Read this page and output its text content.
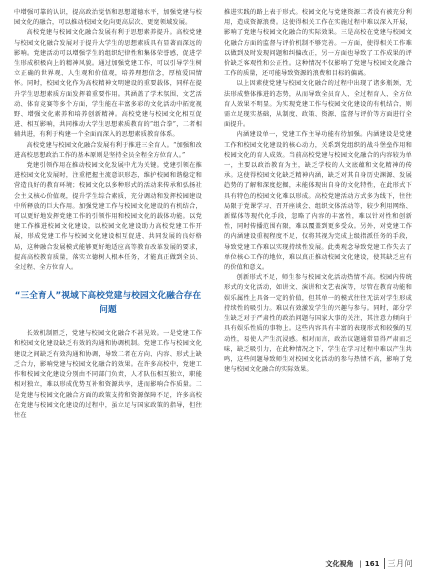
中增强可靠的认识，提高政治觉悟和思想道德水平，加强党建与校园文化的融合，可以推动校园文化向更高层次、更宽领域发展。

高校党建与校园文化融合发展有利于思想素养提升。高校党建与校园文化融合发展对于提升大学生的思想素质具有显著而深远的影响。党建活动可以增强学生的组织纪律性和集体荣誉感，促进学生形成积极向上的精神风貌。通过加强党建工作，可以引导学生树立正确的世界观、人生观和价值观，培养理想信念，厚植爱国情怀。同时，校园文化作为高校精神文明建设的重要载体，同样在提升学生思想素质方面发挥着重要作用。其涵盖了学术氛围、文艺活动、体育竞赛等多个方面，学生能在丰富多彩的文化活动中拓宽视野、增强文化素养和培养创新精神。高校党建与校园文化相互促进、相互影响，共同推动大学生思想素质教育的“组合拳”，二者相辅共进，有利于构建一个全面而深入的思想素质教育体系。

高校党建与校园文化融合发展有利于推进三全育人。“加强和改进高校思想政治工作的基本原则是坚持全员全程全方位育人。”

党建引领作用在推动校园文化发展中尤为关键。党建引领在推进校园文化发展时，注重把握主流意识形态，维护校园和谐稳定和营造良好的教育环境；校园文化以多种形式的活动来传承和弘扬社会主义核心价值观，提升学生综合素质，充分调动和发挥校园建设中所释放的巨大作用。加强党建工作与校园文化建设的有机结合，可以更好地发挥党建工作的引领作用和校园文化的载体功能。以党建工作推进校园文化建设，以校园文化建设助力高校党建工作开展，形成党建工作与校园文化建设相互促进、共同发展的良好格局，这种融合发展模式能够更好地适应高等教育改革发展的要求，提高高校教育质量，落实立德树人根本任务，才能真正做到全员、全过程、全方位育人。

“三全育人”视域下高校党建与校园文化融合存在问题

长效机制匮乏，党建与校园文化融合不甚见效。一是党建工作和校园文化建设缺乏有效的沟通和协调机制。党建工作与校园文化建设之间缺乏有效沟通和协调，导致二者在方向、内容、形式上缺乏合力，影响党建与校园文化融合的效果。在许多高校中，党建工作和校园文化建设分别由不同部门负责，人才队伍相互独立，职能相对独立，难以形成优势互补和资源共享，进而影响合作质量。二是党建与校园文化融合方面的政策支持和资源保障不足，许多高校在党建与校园文化建设的过程中，虽立足与国家政策的指导，但往往在

推进实践的路上表于形式。校园文化与党建资源二者没有被充分利用，造成资源浪费。这使得相关工作在实施过程中难以深入开展，影响了党建与校园文化融合的实际效果。三是高校在党建与校园文化融合方面的监督与评价机制不够完善。一方面，使得相关工作难以做到及时发现问题和纠偏改正，另一方面也导致了工作成果的评价缺乏客观性和公正性。这种情况不仅影响了党建与校园文化融合工作的质量，还可能导致资源的浪费和目标的偏离。

以上因素使党建与校园文化融合的过程中出现了诸多瓶颈，无法形成整体推进的态势，从而导致全员育人、全过程育人、全方位育人效果不明显。为实现党建工作与校园文化建设的有机结合，则需立足现实基础，从制度、政策、资源、监督与评价等方面进行全面提升。

内涵建设单一，党建工作主导功能有待加强。内涵建设是党建工作和校园文化建设的核心动力，关系到党组织的战斗堡垒作用和校园文化的育人成效。当前高校党建与校园文化融合的内容较为单一，主要以政治教育为主，缺乏学校的人文底蕴和文化精神的传承。这使得校园文化缺乏精神内涵，缺乏对其自身历史渊源、发展趋势的了解和深度挖掘，未能体现出自身的文化特性，在此形式下具有特色的校园文化难以形成。高校党建活动方式多为线下，往往局限于党课学习、召开座谈会、组织文体活动等，较少利用网络、新媒体等现代化手段，忽略了内容的丰富性，难以针对性和创新性，同时传播范围有限，难以覆盖到更多受众。另外，对党建工作的内涵建设重视程度不足，仅将其视为完成上级指派任务的手段，导致党建工作难以实现持续性发展。此类观念导致党建工作失去了单位核心工作的地位，难以真正推动校园文化建设，使其缺乏应有的价值和意义。

创新形式不足，师生参与校园文化活动热情不高。校园内传统形式的文化活动，如讲文、演讲和文艺表演等，尽管在教育功能和娱乐属性上具备一定的价值，但其单一的模式往往无法对学生形成持续性的吸引力。难以有效激发学生的兴趣与参与。同时，部分学生缺乏对于严肃性的政治问题与国家大事的关注，其注意力倾向于具有娱乐性质的事物上。这些内容具有丰富的表现形式和较强的互动性，易使人产生沉浸感。相对而言，政治议题通常显得严肃而乏味，缺乏吸引力，在此种情况之下，学生在学习过程中难以产生共鸣，这些问题导致师生对校园文化活动的参与热情不高，影响了党建与校园文化融合的实际效果。

文化视角 | 161	三月问
